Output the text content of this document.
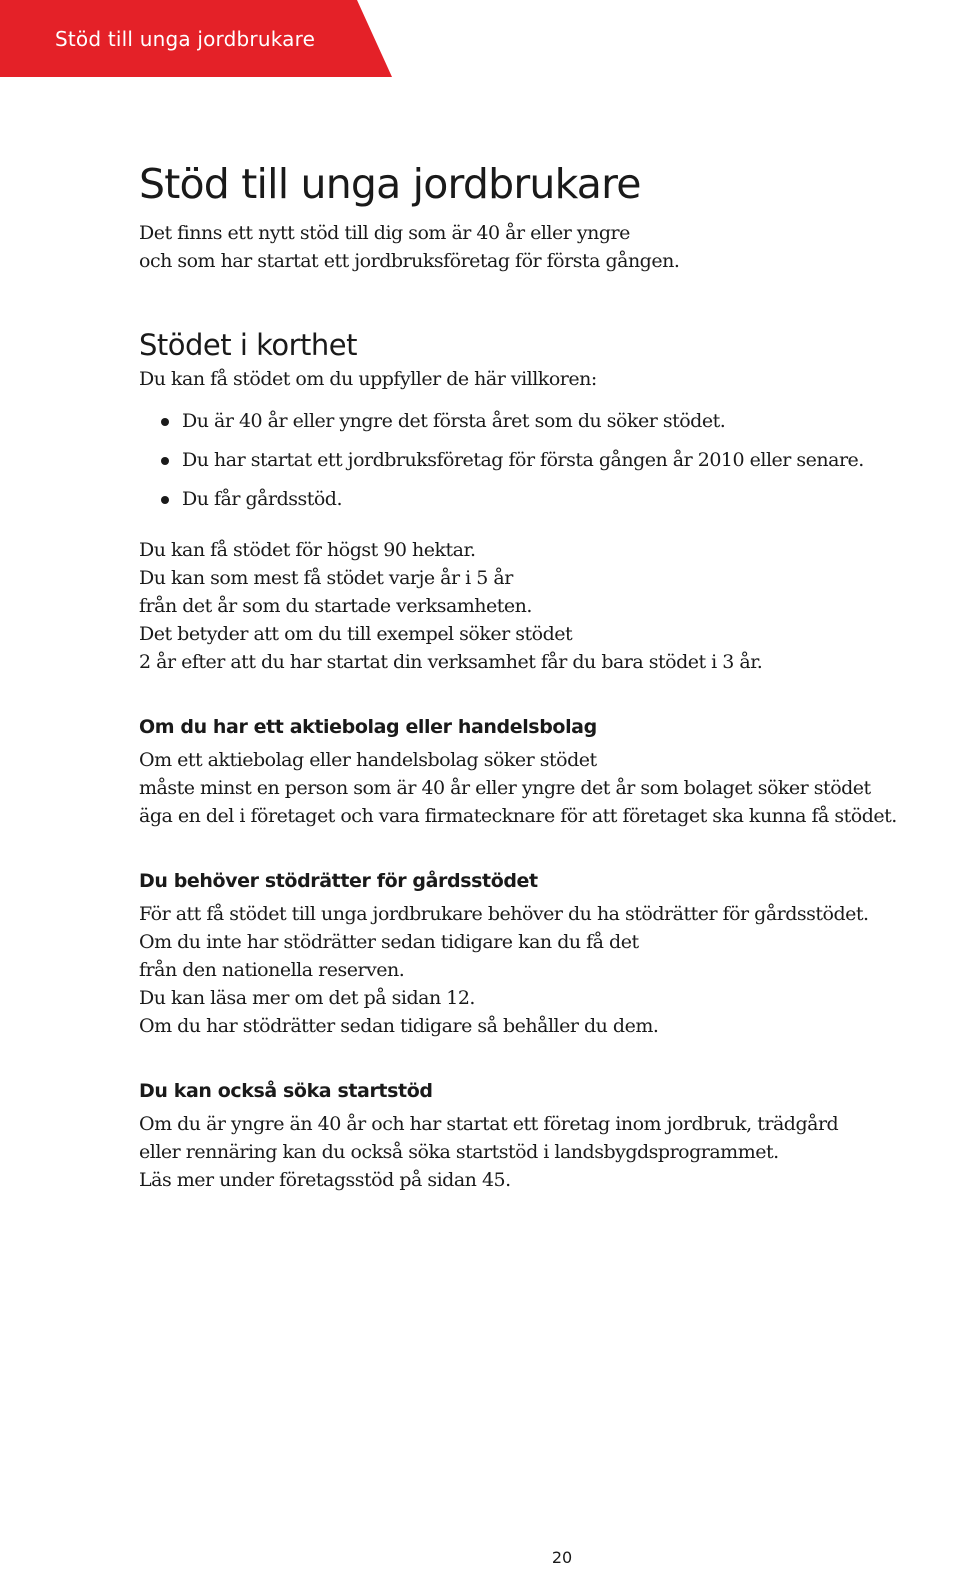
Stöd till unga jordbrukare
Stöd till unga jordbrukare

Det finns ett nytt stöd till dig som är 40 år eller yngre

och som har startat ett jordbruksföretag för första gången.

Stödet i korthet

Du kan få stödet om du uppfyller de här villkoren:

Du är 40 år eller yngre det första året som du söker stödet.
Du har startat ett jordbruksföretag för första gången år 2010 eller senare.
Du får gårdsstöd.

Du kan få stödet för högst 90 hektar.

Du kan som mest få stödet varje år i 5 år

från det år som du startade verksamheten.

Det betyder att om du till exempel söker stödet

2 år efter att du har startat din verksamhet får du bara stödet i 3 år.

Om du har ett aktiebolag eller handelsbolag

Om ett aktiebolag eller handelsbolag söker stödet

måste minst en person som är 40 år eller yngre det år som bolaget söker stödet

äga en del i företaget och vara firmatecknare för att företaget ska kunna få stödet.

Du behöver stödrätter för gårdsstödet

För att få stödet till unga jordbrukare behöver du ha stödrätter för gårdsstödet.

Om du inte har stödrätter sedan tidigare kan du få det

från den nationella reserven.

Du kan läsa mer om det på sidan 12.

Om du har stödrätter sedan tidigare så behåller du dem.

Du kan också söka startstöd

Om du är yngre än 40 år och har startat ett företag inom jordbruk, trädgård

eller rennäring kan du också söka startstöd i landsbygdsprogrammet.

Läs mer under företagsstöd på sidan 45.

20
